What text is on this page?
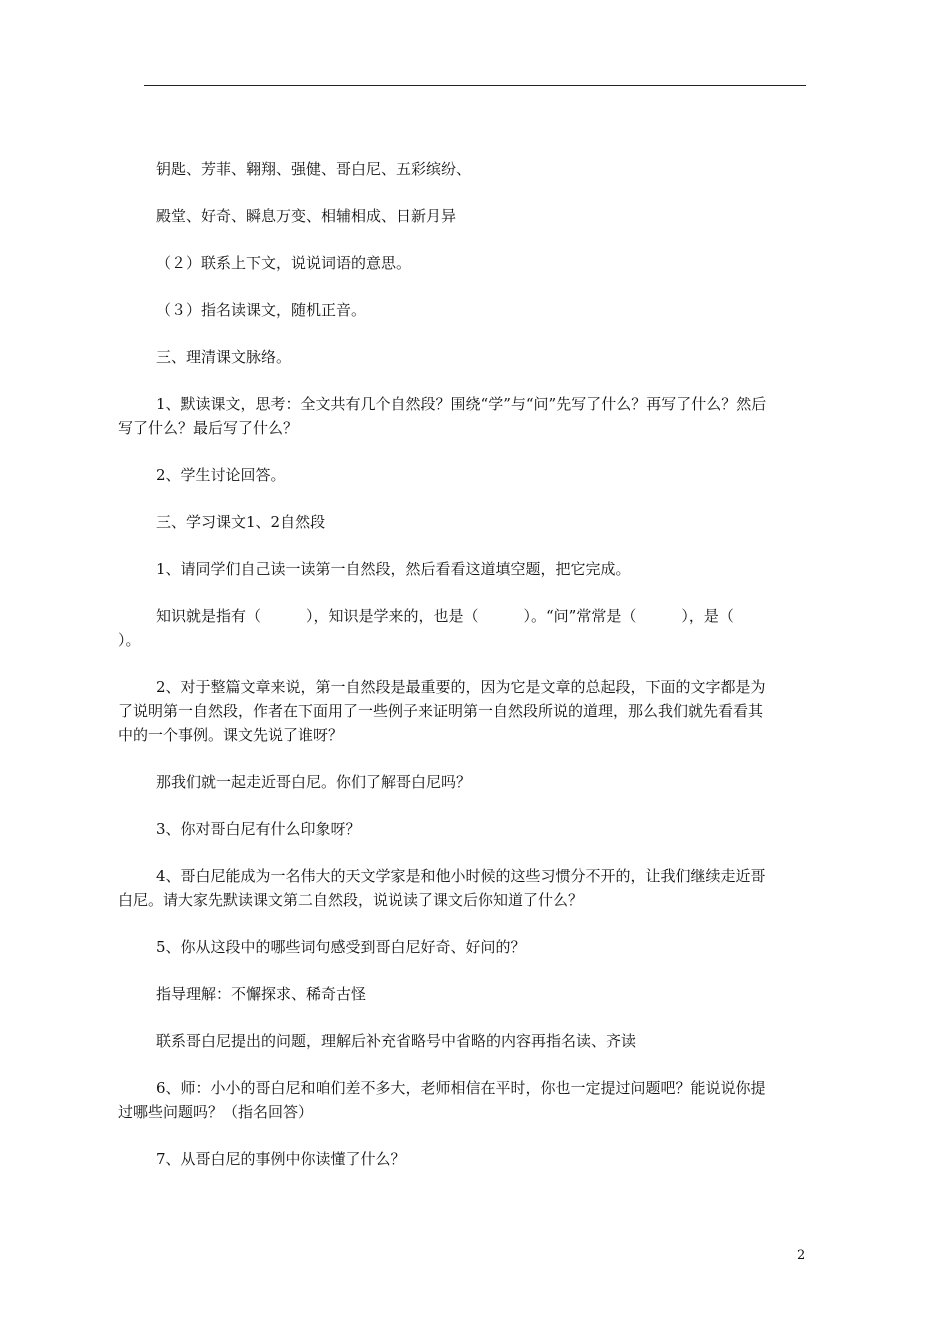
钥匙、芳菲、翱翔、强健、哥白尼、五彩缤纷、

殿堂、好奇、瞬息万变、相辅相成、日新月异

（２）联系上下文，说说词语的意思。

（３）指名读课文，随机正音。

三、理清课文脉络。

1、默读课文，思考：全文共有几个自然段？围绕“学”与“问”先写了什么？再写了什么？然后写了什么？最后写了什么？

2、学生讨论回答。

三、学习课文1、2自然段

1、请同学们自己读一读第一自然段，然后看看这道填空题，把它完成。

知识就是指有（　　　），知识是学来的，也是（　　　）。“问”常常是（　　　），是（　　　）。

2、对于整篇文章来说，第一自然段是最重要的，因为它是文章的总起段，下面的文字都是为了说明第一自然段，作者在下面用了一些例子来证明第一自然段所说的道理，那么我们就先看看其中的一个事例。课文先说了谁呀？

那我们就一起走近哥白尼。你们了解哥白尼吗？

3、你对哥白尼有什么印象呀？

4、哥白尼能成为一名伟大的天文学家是和他小时候的这些习惯分不开的，让我们继续走近哥白尼。请大家先默读课文第二自然段，说说读了课文后你知道了什么？

5、你从这段中的哪些词句感受到哥白尼好奇、好问的？

指导理解：不懈探求、稀奇古怪

联系哥白尼提出的问题，理解后补充省略号中省略的内容再指名读、齐读

6、师：小小的哥白尼和咱们差不多大，老师相信在平时，你也一定提过问题吧？能说说你提过哪些问题吗？（指名回答）

7、从哥白尼的事例中你读懂了什么？

2
